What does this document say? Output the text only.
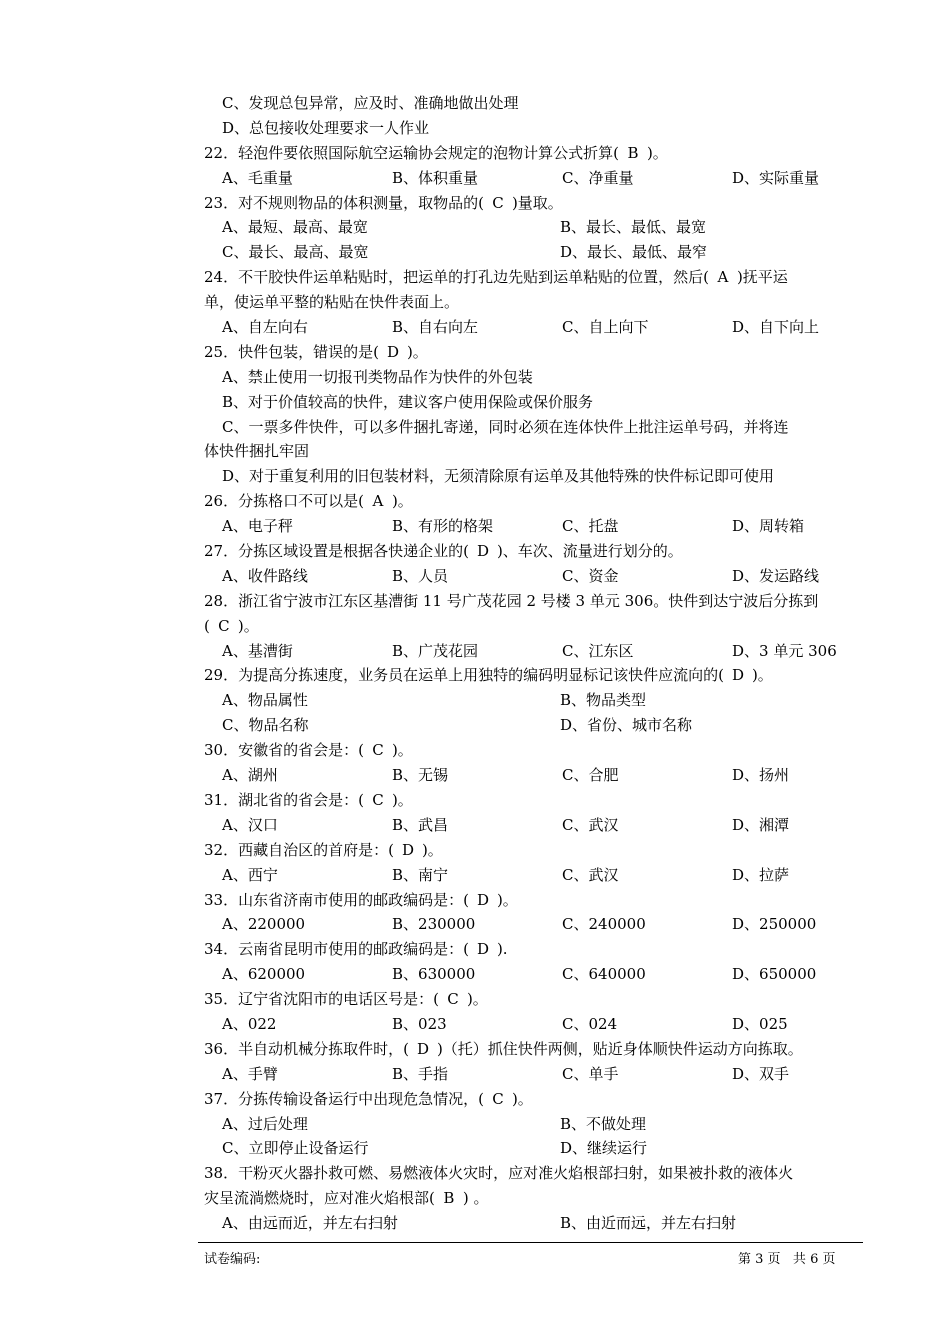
C、发现总包异常，应及时、准确地做出处理
D、总包接收处理要求一人作业
22．轻泡件要依照国际航空运输协会规定的泡物计算公式折算( B )。
A、毛重量	B、体积重量	C、净重量	D、实际重量
23．对不规则物品的体积测量，取物品的( C )量取。
A、最短、最高、最宽	B、最长、最低、最宽
C、最长、最高、最宽	D、最长、最低、最窄
24．不干胶快件运单粘贴时，把运单的打孔边先贴到运单粘贴的位置，然后( A )抚平运
单，使运单平整的粘贴在快件表面上。
A、自左向右	B、自右向左	C、自上向下	D、自下向上
25．快件包装，错误的是( D )。
A、禁止使用一切报刊类物品作为快件的外包装
B、对于价值较高的快件，建议客户使用保险或保价服务
C、一票多件快件，可以多件捆扎寄递，同时必须在连体快件上批注运单号码，并将连
体快件捆扎牢固
D、对于重复利用的旧包装材料，无须清除原有运单及其他特殊的快件标记即可使用
26．分拣格口不可以是( A )。
A、电子秤	B、有形的格架	C、托盘	D、周转箱
27．分拣区域设置是根据各快递企业的( D )、车次、流量进行划分的。
A、收件路线	B、人员	C、资金	D、发运路线
28．浙江省宁波市江东区基漕街 11 号广茂花园 2 号楼 3 单元 306。快件到达宁波后分拣到
( C )。
A、基漕街	B、广茂花园	C、江东区	D、3 单元 306
29．为提高分拣速度，业务员在运单上用独特的编码明显标记该快件应流向的( D )。
A、物品属性	B、物品类型
C、物品名称	D、省份、城市名称
30．安徽省的省会是：( C )。
A、湖州	B、无锡	C、合肥	D、扬州
31．湖北省的省会是：( C )。
A、汉口	B、武昌	C、武汉	D、湘潭
32．西藏自治区的首府是：( D )。
A、西宁	B、南宁	C、武汉	D、拉萨
33．山东省济南市使用的邮政编码是：( D )。
A、220000	B、230000	C、240000	D、250000
34．云南省昆明市使用的邮政编码是：( D ).
A、620000	B、630000	C、640000	D、650000
35．辽宁省沈阳市的电话区号是：( C )。
A、022	B、023	C、024	D、025
36．半自动机械分拣取件时，( D )（托）抓住快件两侧，贴近身体顺快件运动方向拣取。
A、手臂	B、手指	C、单手	D、双手
37．分拣传输设备运行中出现危急情况，( C )。
A、过后处理	B、不做处理
C、立即停止设备运行	D、继续运行
38．干粉灭火器扑救可燃、易燃液体火灾时，应对准火焰根部扫射，如果被扑救的液体火
灾呈流淌燃烧时，应对准火焰根部( B ) 。
A、由远而近，并左右扫射	B、由近而远，并左右扫射
试卷编码:	第 3 页   共 6 页
